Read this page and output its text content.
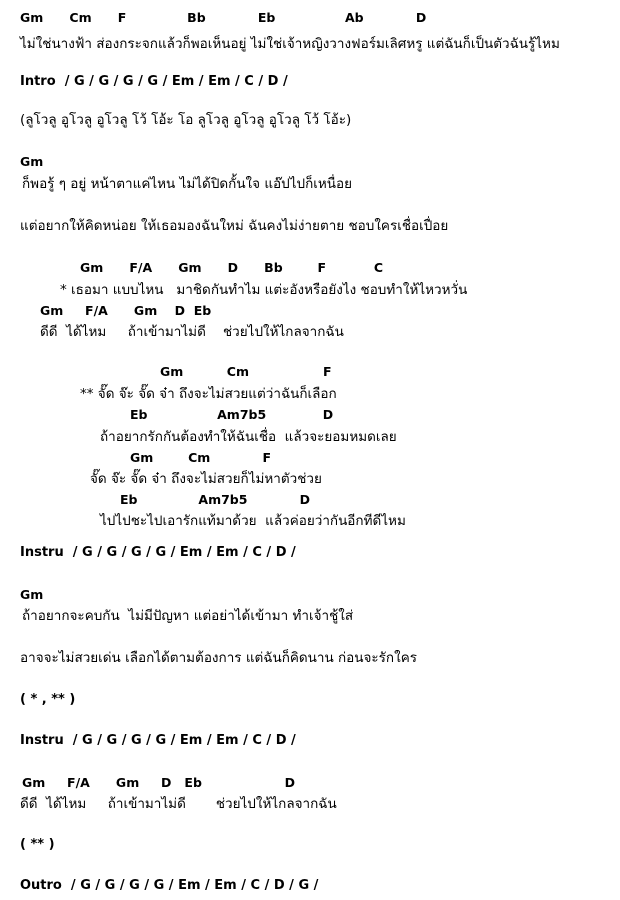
Gm      Cm      F              Bb            Eb                Ab            D
ไม่ใช่นางฟ้า ส่องกระจกแล้วก็พอเห็นอยู่ ไม่ใช่เจ้าหญิงวางฟอร์มเลิศหรู แต่ฉันก็เป็นตัวฉันรู้ไหม
Intro  / G / G / G / G / Em / Em / C / D /
(ลูโวลู อูโวลู อูโวลู โว้ โอ้ะ โอ ลูโวลู อูโวลู อูโวลู โว้ โอ้ะ)
Gm
ก็พอรู้ ๆ อยู่ หน้าตาแค่ไหน ไม่ได้ปิดกั้นใจ แอ๊ปไปก็เหนื่อย
แต่อยากให้คิดหน่อย ให้เธอมองฉันใหม่ ฉันคงไม่ง่ายตาย ชอบใครเชื่อเปื่อย
Gm      F/A      Gm      D      Bb        F           C
* เธอมา แบบไหน   มาชิดกันทำไม แต่ะอังหรือยังไง ชอบทำให้ไหวหวั่น
Gm     F/A      Gm    D  Eb
ดีดี  ได้ไหม     ถ้าเข้ามาไม่ดี    ช่วยไปให้ไกลจากฉัน
Gm          Cm                 F
** จั๊ด จ๊ะ จั๊ด จ๋า ถึงจะไม่สวยแต่ว่าฉันก็เลือก
Eb                Am7b5             D
ถ้าอยากรักกันต้องทำให้ฉันเชื่อ  แล้วจะยอมหมดเลย
Gm        Cm            F
จั๊ด จ๊ะ จั๊ด จ๋า ถึงจะไม่สวยก็ไม่หาตัวช่วย
Eb              Am7b5            D
ไปไปชะไปเอารักแท้มาด้วย  แล้วค่อยว่ากันอีกทีดีไหม
Instru  / G / G / G / G / Em / Em / C / D /
Gm
ถ้าอยากจะคบกัน  ไม่มีปัญหา แต่อย่าได้เข้ามา ทำเจ้าชู้ใส่
อาจจะไม่สวยเด่น เลือกได้ตามต้องการ แต่ฉันก็คิดนาน ก่อนจะรักใคร
( * , ** )
Instru  / G / G / G / G / Em / Em / C / D /
Gm     F/A      Gm     D   Eb                   D
ดีดี  ได้ไหม     ถ้าเข้ามาไม่ดี       ช่วยไปให้ไกลจากฉัน
( ** )
Outro  / G / G / G / G / Em / Em / C / D / G /
